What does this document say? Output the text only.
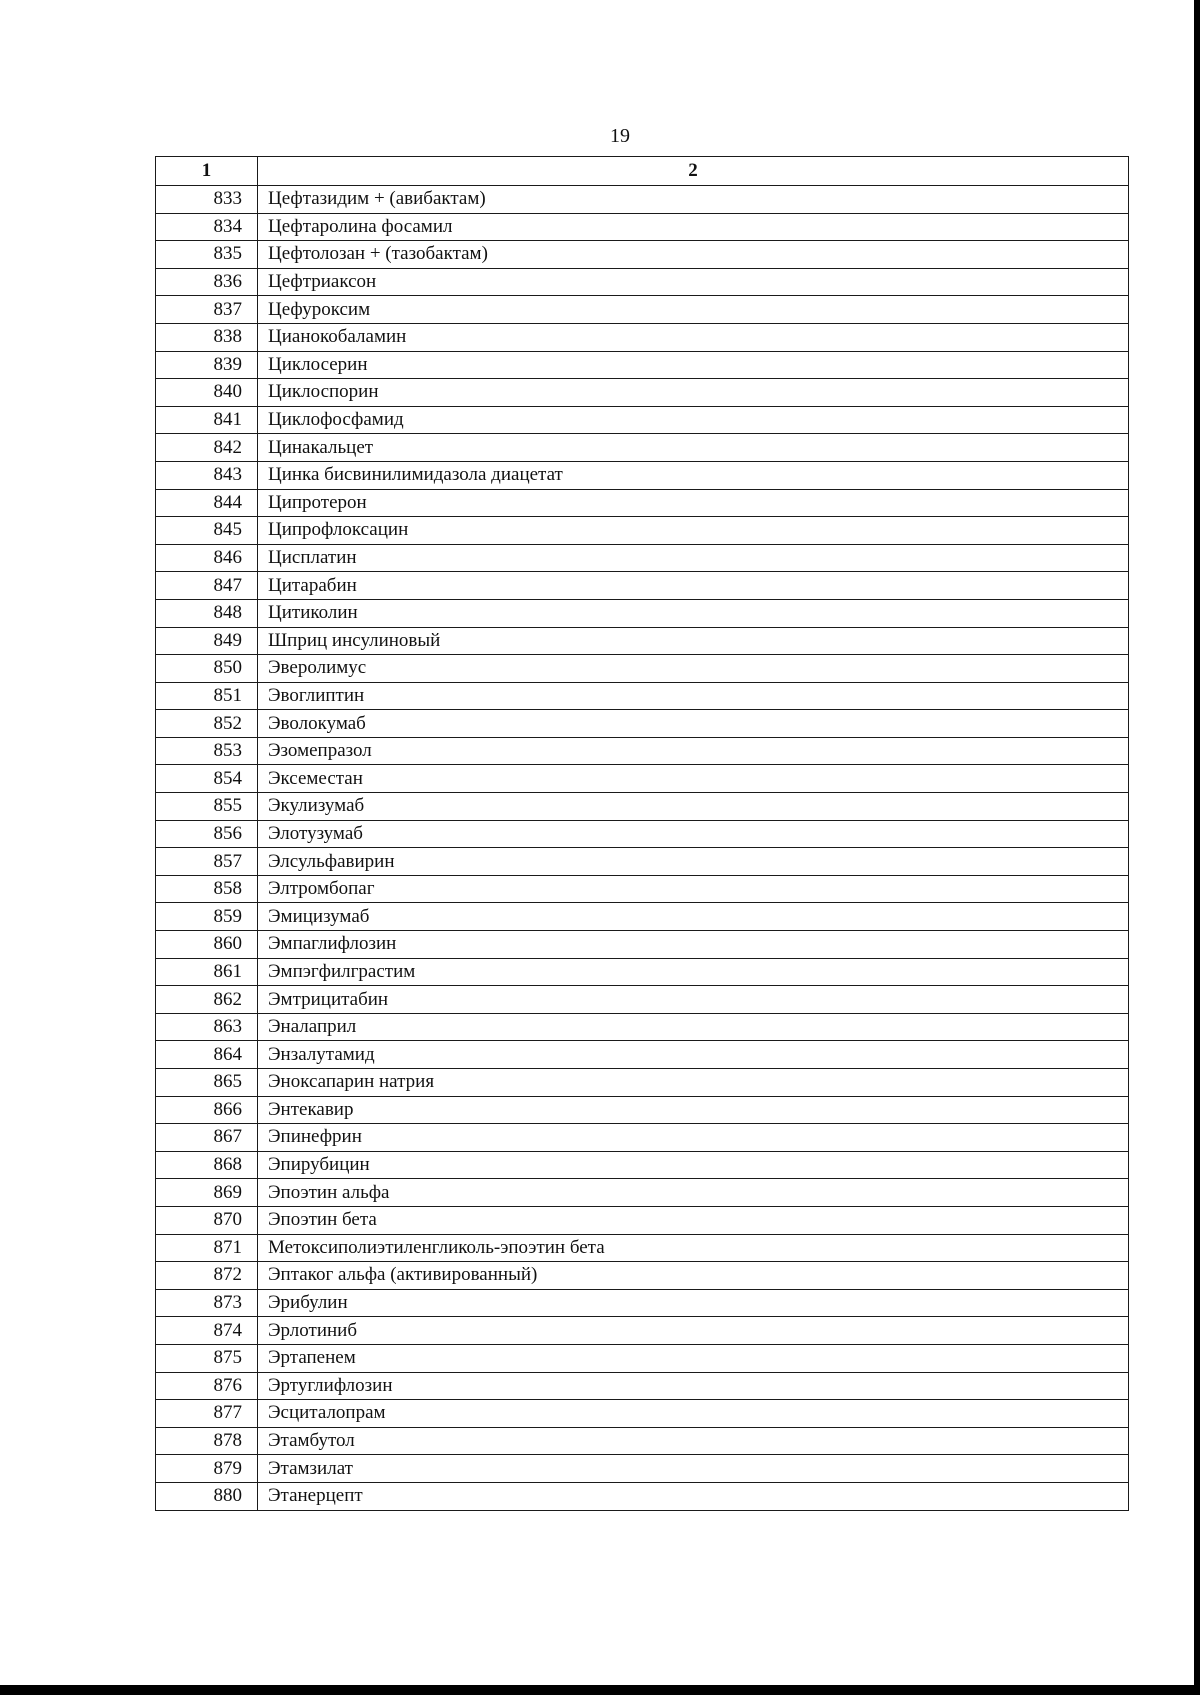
19
1	2
833	Цефтазидим + (авибактам)
834	Цефтаролина фосамил
835	Цефтолозан + (тазобактам)
836	Цефтриаксон
837	Цефуроксим
838	Цианокобаламин
839	Циклосерин
840	Циклоспорин
841	Циклофосфамид
842	Цинакальцет
843	Цинка бисвинилимидазола диацетат
844	Ципротерон
845	Ципрофлоксацин
846	Цисплатин
847	Цитарабин
848	Цитиколин
849	Шприц инсулиновый
850	Эверолимус
851	Эвоглиптин
852	Эволокумаб
853	Эзомепразол
854	Эксеместан
855	Экулизумаб
856	Элотузумаб
857	Элсульфавирин
858	Элтромбопаг
859	Эмицизумаб
860	Эмпаглифлозин
861	Эмпэгфилграстим
862	Эмтрицитабин
863	Эналаприл
864	Энзалутамид
865	Эноксапарин натрия
866	Энтекавир
867	Эпинефрин
868	Эпирубицин
869	Эпоэтин альфа
870	Эпоэтин бета
871	Метоксиполиэтиленгликоль-эпоэтин бета
872	Эптаког альфа (активированный)
873	Эрибулин
874	Эрлотиниб
875	Эртапенем
876	Эртуглифлозин
877	Эсциталопрам
878	Этамбутол
879	Этамзилат
880	Этанерцепт
